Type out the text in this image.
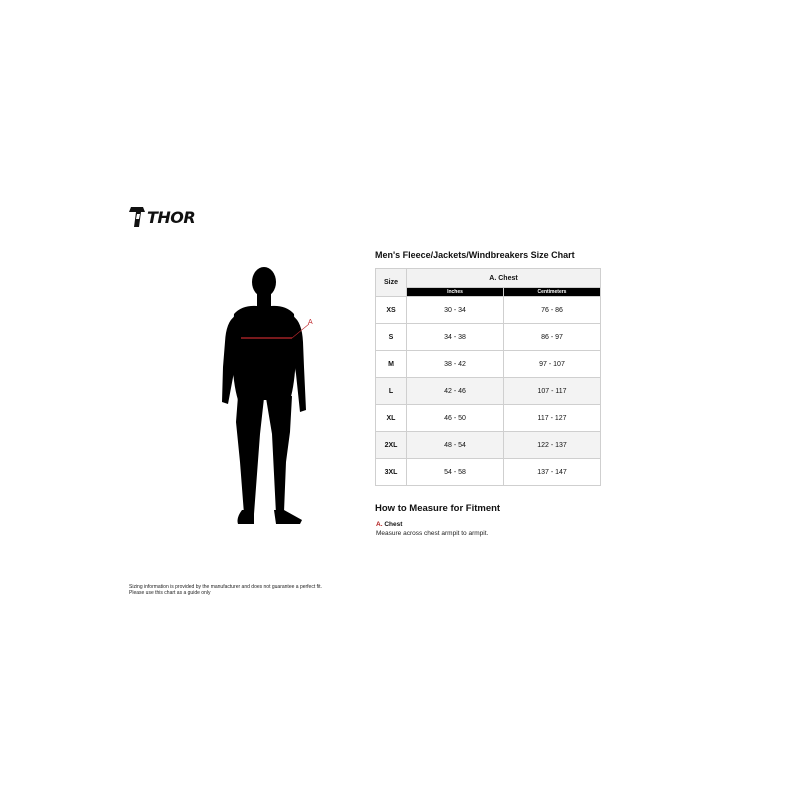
THOR
A
Men's Fleece/Jackets/Windbreakers Size Chart
Size	A. Chest	
	Inches	Centimeters
XS	30 - 34	76 - 86
S	34 - 38	86 - 97
M	38 - 42	97 - 107
L	42 - 46	107 - 117
XL	46 - 50	117 - 127
2XL	48 - 54	122 - 137
3XL	54 - 58	137 - 147
How to Measure for Fitment
A. Chest
Measure across chest armpit to armpit.
Sizing information is provided by the manufacturer and does not guarantee a perfect fit.
Please use this chart as a guide only
